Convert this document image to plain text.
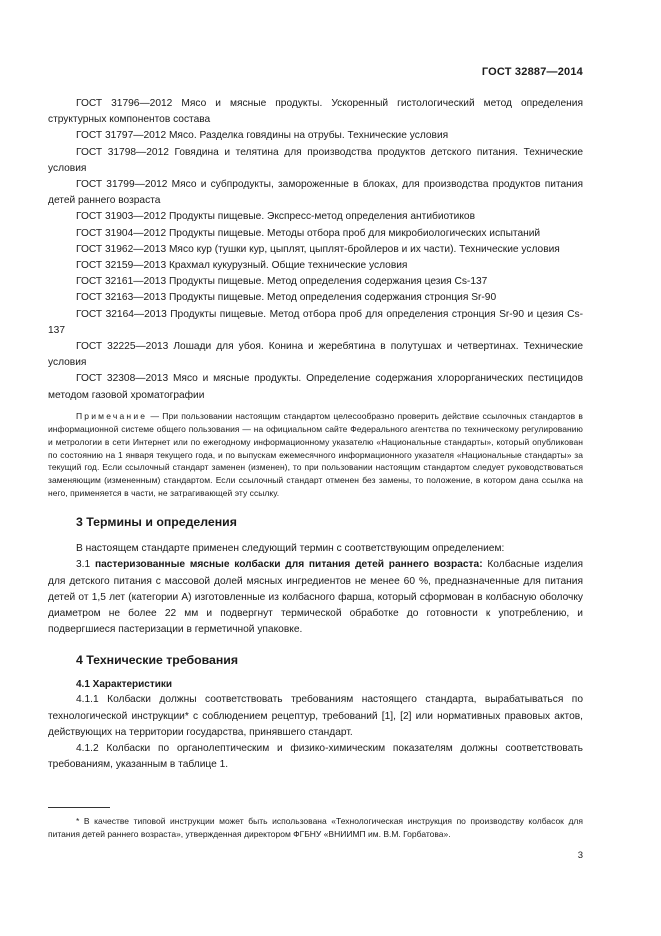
ГОСТ 32887—2014

ГОСТ 31796—2012 Мясо и мясные продукты. Ускоренный гистологический метод определения структурных компонентов состава

ГОСТ 31797—2012 Мясо. Разделка говядины на отрубы. Технические условия

ГОСТ 31798—2012 Говядина и телятина для производства продуктов детского питания. Технические условия

ГОСТ 31799—2012 Мясо и субпродукты, замороженные в блоках, для производства продуктов питания детей раннего возраста

ГОСТ 31903—2012 Продукты пищевые. Экспресс-метод определения антибиотиков

ГОСТ 31904—2012 Продукты пищевые. Методы отбора проб для микробиологических испытаний

ГОСТ 31962—2013 Мясо кур (тушки кур, цыплят, цыплят-бройлеров и их части). Технические условия

ГОСТ 32159—2013 Крахмал кукурузный. Общие технические условия

ГОСТ 32161—2013 Продукты пищевые. Метод определения содержания цезия Cs-137

ГОСТ 32163—2013 Продукты пищевые. Метод определения содержания стронция Sr-90

ГОСТ 32164—2013 Продукты пищевые. Метод отбора проб для определения стронция Sr-90 и цезия Cs-137

ГОСТ 32225—2013 Лошади для убоя. Конина и жеребятина в полутушах и четвертинах. Технические условия

ГОСТ 32308—2013 Мясо и мясные продукты. Определение содержания хлорорганических пестицидов методом газовой хроматографии

Примечание — При пользовании настоящим стандартом целесообразно проверить действие ссылочных стандартов в информационной системе общего пользования — на официальном сайте Федерального агентства по техническому регулированию и метрологии в сети Интернет или по ежегодному информационному указателю «Национальные стандарты», который опубликован по состоянию на 1 января текущего года, и по выпускам ежемесячного информационного указателя «Национальные стандарты» за текущий год. Если ссылочный стандарт заменен (изменен), то при пользовании настоящим стандартом следует руководствоваться заменяющим (измененным) стандартом. Если ссылочный стандарт отменен без замены, то положение, в котором дана ссылка на него, применяется в части, не затрагивающей эту ссылку.

3 Термины и определения

В настоящем стандарте применен следующий термин с соответствующим определением:

3.1 пастеризованные мясные колбаски для питания детей раннего возраста: Колбасные изделия для детского питания с массовой долей мясных ингредиентов не менее 60 %, предназначенные для питания детей от 1,5 лет (категории А) изготовленные из колбасного фарша, который сформован в колбасную оболочку диаметром не более 22 мм и подвергнут термической обработке до готовности к употреблению, и подвергшиеся пастеризации в герметичной упаковке.

4 Технические требования
4.1 Характеристики

4.1.1 Колбаски должны соответствовать требованиям настоящего стандарта, вырабатываться по технологической инструкции* с соблюдением рецептур, требований [1], [2] или нормативных правовых актов, действующих на территории государства, принявшего стандарт.

4.1.2 Колбаски по органолептическим и физико-химическим показателям должны соответствовать требованиям, указанным в таблице 1.

* В качестве типовой инструкции может быть использована «Технологическая инструкция по производству колбасок для питания детей раннего возраста», утвержденная директором ФГБНУ «ВНИИМП им. В.М. Горбатова».

3
